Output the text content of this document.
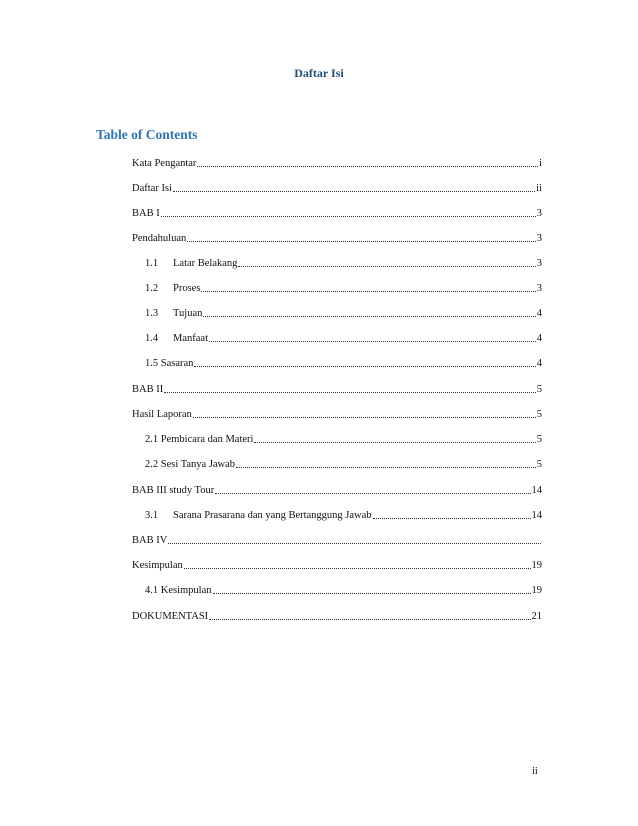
Daftar Isi
Table of Contents
Kata Pengantar	i
Daftar Isi	ii
BAB I	3
Pendahuluan	3
1.1	Latar Belakang	3
1.2	Proses	3
1.3	Tujuan	4
1.4	Manfaat	4
1.5 Sasaran	4
BAB II	5
Hasil Laporan	5
2.1 Pembicara dan Materi	5
2.2 Sesi Tanya Jawab	5
BAB III study Tour	14
3.1	Sarana Prasarana dan yang Bertanggung Jawab	14
BAB IV
Kesimpulan	19
4.1 Kesimpulan	19
DOKUMENTASI	21
ii
